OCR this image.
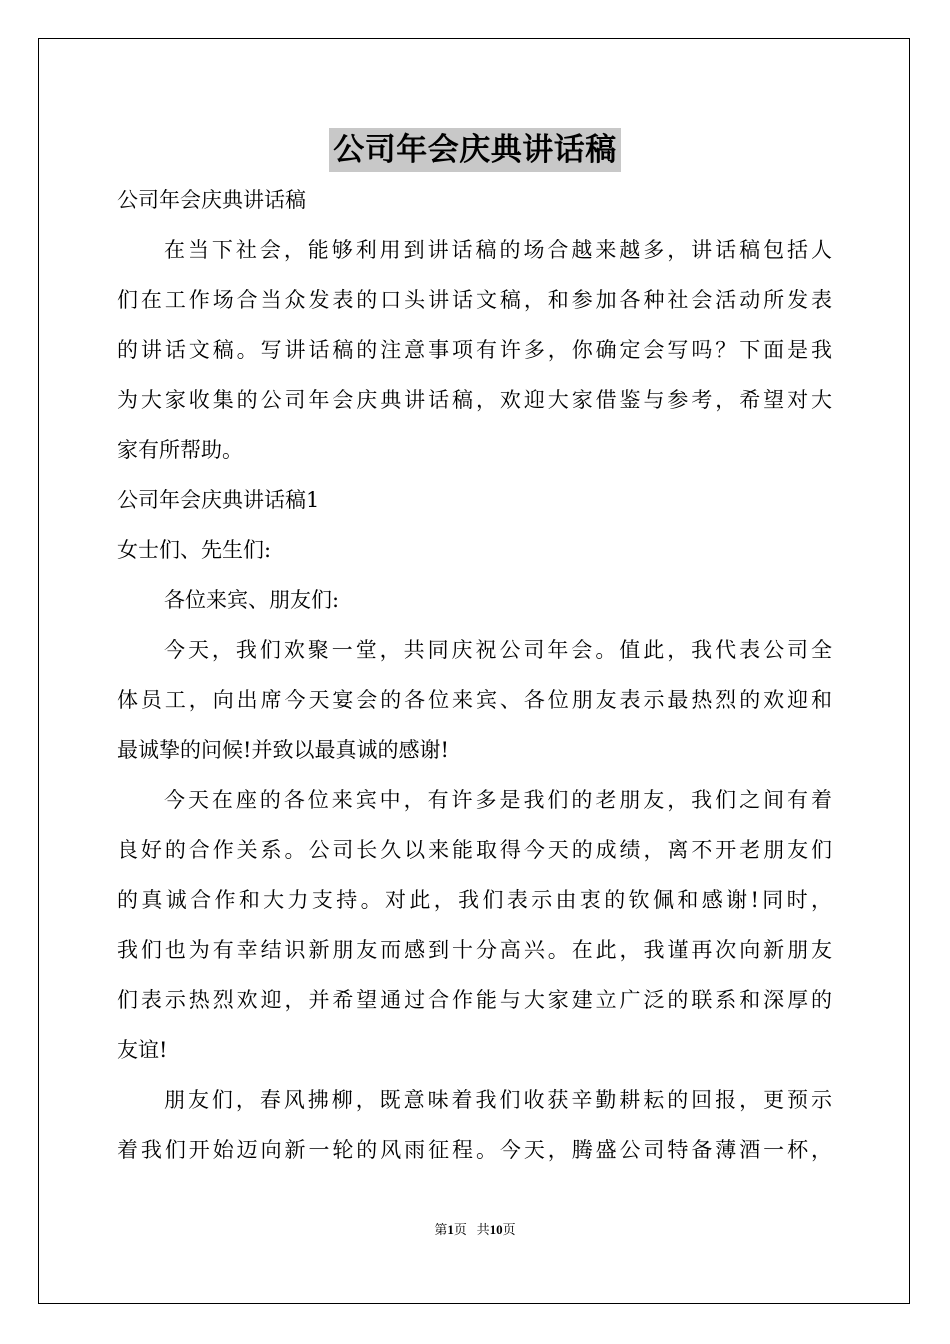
公司年会庆典讲话稿
公司年会庆典讲话稿
在当下社会，能够利用到讲话稿的场合越来越多，讲话稿包括人
们在工作场合当众发表的口头讲话文稿，和参加各种社会活动所发表
的讲话文稿。写讲话稿的注意事项有许多，你确定会写吗？下面是我
为大家收集的公司年会庆典讲话稿，欢迎大家借鉴与参考，希望对大
家有所帮助。
公司年会庆典讲话稿1
女士们、先生们:
各位来宾、朋友们:
今天，我们欢聚一堂，共同庆祝公司年会。值此，我代表公司全
体员工，向出席今天宴会的各位来宾、各位朋友表示最热烈的欢迎和
最诚挚的问候!并致以最真诚的感谢!
今天在座的各位来宾中，有许多是我们的老朋友，我们之间有着
良好的合作关系。公司长久以来能取得今天的成绩，离不开老朋友们
的真诚合作和大力支持。对此，我们表示由衷的钦佩和感谢!同时，
我们也为有幸结识新朋友而感到十分高兴。在此，我谨再次向新朋友
们表示热烈欢迎，并希望通过合作能与大家建立广泛的联系和深厚的
友谊!
朋友们，春风拂柳，既意味着我们收获辛勤耕耘的回报，更预示
着我们开始迈向新一轮的风雨征程。今天，腾盛公司特备薄酒一杯，
第1页 共10页
